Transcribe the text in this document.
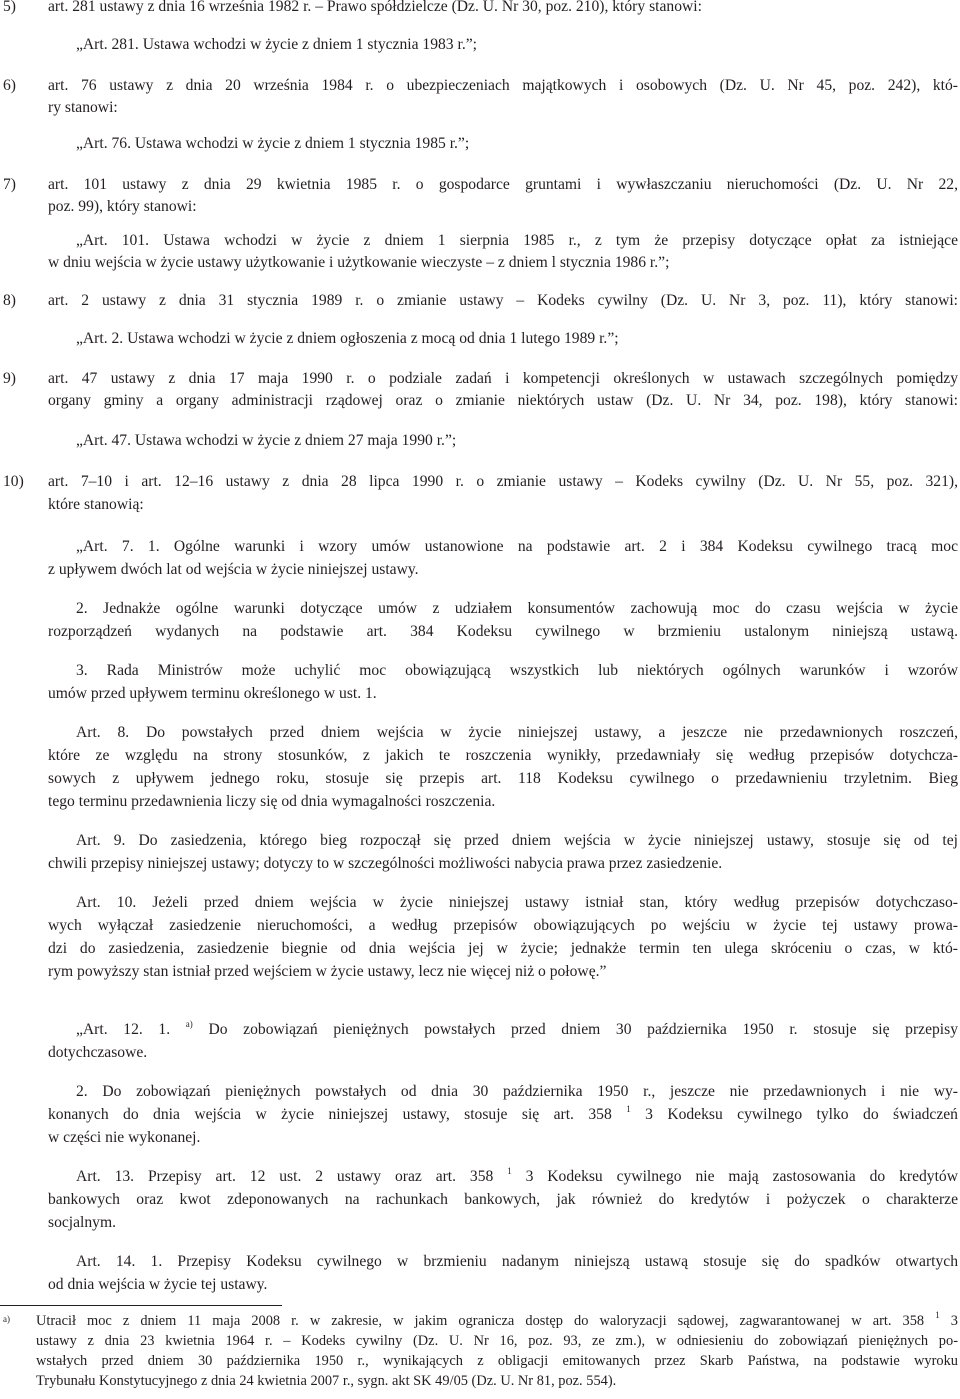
5) art. 281 ustawy z dnia 16 września 1982 r. – Prawo spółdzielcze (Dz. U. Nr 30, poz. 210), który stanowi:
„Art. 281. Ustawa wchodzi w życie z dniem 1 stycznia 1983 r.”;
6) art. 76 ustawy z dnia 20 września 1984 r. o ubezpieczeniach majątkowych i osobowych (Dz. U. Nr 45, poz. 242), któ-
ry stanowi:
„Art. 76. Ustawa wchodzi w życie z dniem 1 stycznia 1985 r.”;
7) art. 101 ustawy z dnia 29 kwietnia 1985 r. o gospodarce gruntami i wywłaszczaniu nieruchomości (Dz. U. Nr 22,
poz. 99), który stanowi:
„Art. 101. Ustawa wchodzi w życie z dniem 1 sierpnia 1985 r., z tym że przepisy dotyczące opłat za istniejące
w dniu wejścia w życie ustawy użytkowanie i użytkowanie wieczyste – z dniem l stycznia 1986 r.”;
8) art. 2 ustawy z dnia 31 stycznia 1989 r. o zmianie ustawy – Kodeks cywilny (Dz. U. Nr 3, poz. 11), który stanowi:
„Art. 2. Ustawa wchodzi w życie z dniem ogłoszenia z mocą od dnia 1 lutego 1989 r.”;
9) art. 47 ustawy z dnia 17 maja 1990 r. o podziale zadań i kompetencji określonych w ustawach szczególnych pomiędzy
organy gminy a organy administracji rządowej oraz o zmianie niektórych ustaw (Dz. U. Nr 34, poz. 198), który stanowi:
„Art. 47. Ustawa wchodzi w życie z dniem 27 maja 1990 r.”;
10) art. 7–10 i art. 12–16 ustawy z dnia 28 lipca 1990 r. o zmianie ustawy – Kodeks cywilny (Dz. U. Nr 55, poz. 321),
które stanowią:
„Art. 7. 1. Ogólne warunki i wzory umów ustanowione na podstawie art. 2 i 384 Kodeksu cywilnego tracą moc
z upływem dwóch lat od wejścia w życie niniejszej ustawy.
2. Jednakże ogólne warunki dotyczące umów z udziałem konsumentów zachowują moc do czasu wejścia w życie
rozporządzeń wydanych na podstawie art. 384 Kodeksu cywilnego w brzmieniu ustalonym niniejszą ustawą.
3. Rada Ministrów może uchylić moc obowiązującą wszystkich lub niektórych ogólnych warunków i wzorów
umów przed upływem terminu określonego w ust. 1.
Art. 8. Do powstałych przed dniem wejścia w życie niniejszej ustawy, a jeszcze nie przedawnionych roszczeń,
które ze względu na strony stosunków, z jakich te roszczenia wynikły, przedawniały się według przepisów dotychcza-
sowych z upływem jednego roku, stosuje się przepis art. 118 Kodeksu cywilnego o przedawnieniu trzyletnim. Bieg
tego terminu przedawnienia liczy się od dnia wymagalności roszczenia.
Art. 9. Do zasiedzenia, którego bieg rozpoczął się przed dniem wejścia w życie niniejszej ustawy, stosuje się od tej
chwili przepisy niniejszej ustawy; dotyczy to w szczególności możliwości nabycia prawa przez zasiedzenie.
Art. 10. Jeżeli przed dniem wejścia w życie niniejszej ustawy istniał stan, który według przepisów dotychczaso-
wych wyłączał zasiedzenie nieruchomości, a według przepisów obowiązujących po wejściu w życie tej ustawy prowa-
dzi do zasiedzenia, zasiedzenie biegnie od dnia wejścia jej w życie; jednakże termin ten ulega skróceniu o czas, w któ-
rym powyższy stan istniał przed wejściem w życie ustawy, lecz nie więcej niż o połowę.”
„Art. 12. 1. $^{a)}$ Do zobowiązań pieniężnych powstałych przed dniem 30 października 1950 r. stosuje się przepisy
dotychczasowe.
2. Do zobowiązań pieniężnych powstałych od dnia 30 października 1950 r., jeszcze nie przedawnionych i nie wy-
konanych do dnia wejścia w życie niniejszej ustawy, stosuje się art. 358 $^1$ 3 Kodeksu cywilnego tylko do świadczeń
w części nie wykonanej.
Art. 13. Przepisy art. 12 ust. 2 ustawy oraz art. 358 $^1$ 3 Kodeksu cywilnego nie mają zastosowania do kredytów
bankowych oraz kwot zdeponowanych na rachunkach bankowych, jak również do kredytów i pożyczek o charakterze
socjalnym.
Art. 14. 1. Przepisy Kodeksu cywilnego w brzmieniu nadanym niniejszą ustawą stosuje się do spadków otwartych
od dnia wejścia w życie tej ustawy.
a) Utracił moc z dniem 11 maja 2008 r. w zakresie, w jakim ogranicza dostęp do waloryzacji sądowej, zagwarantowanej w art. 358 $^1$ 3
ustawy z dnia 23 kwietnia 1964 r. – Kodeks cywilny (Dz. U. Nr 16, poz. 93, ze zm.), w odniesieniu do zobowiązań pieniężnych po-
wstałych przed dniem 30 października 1950 r., wynikających z obligacji emitowanych przez Skarb Państwa, na podstawie wyroku
Trybunału Konstytucyjnego z dnia 24 kwietnia 2007 r., sygn. akt SK 49/05 (Dz. U. Nr 81, poz. 554).
